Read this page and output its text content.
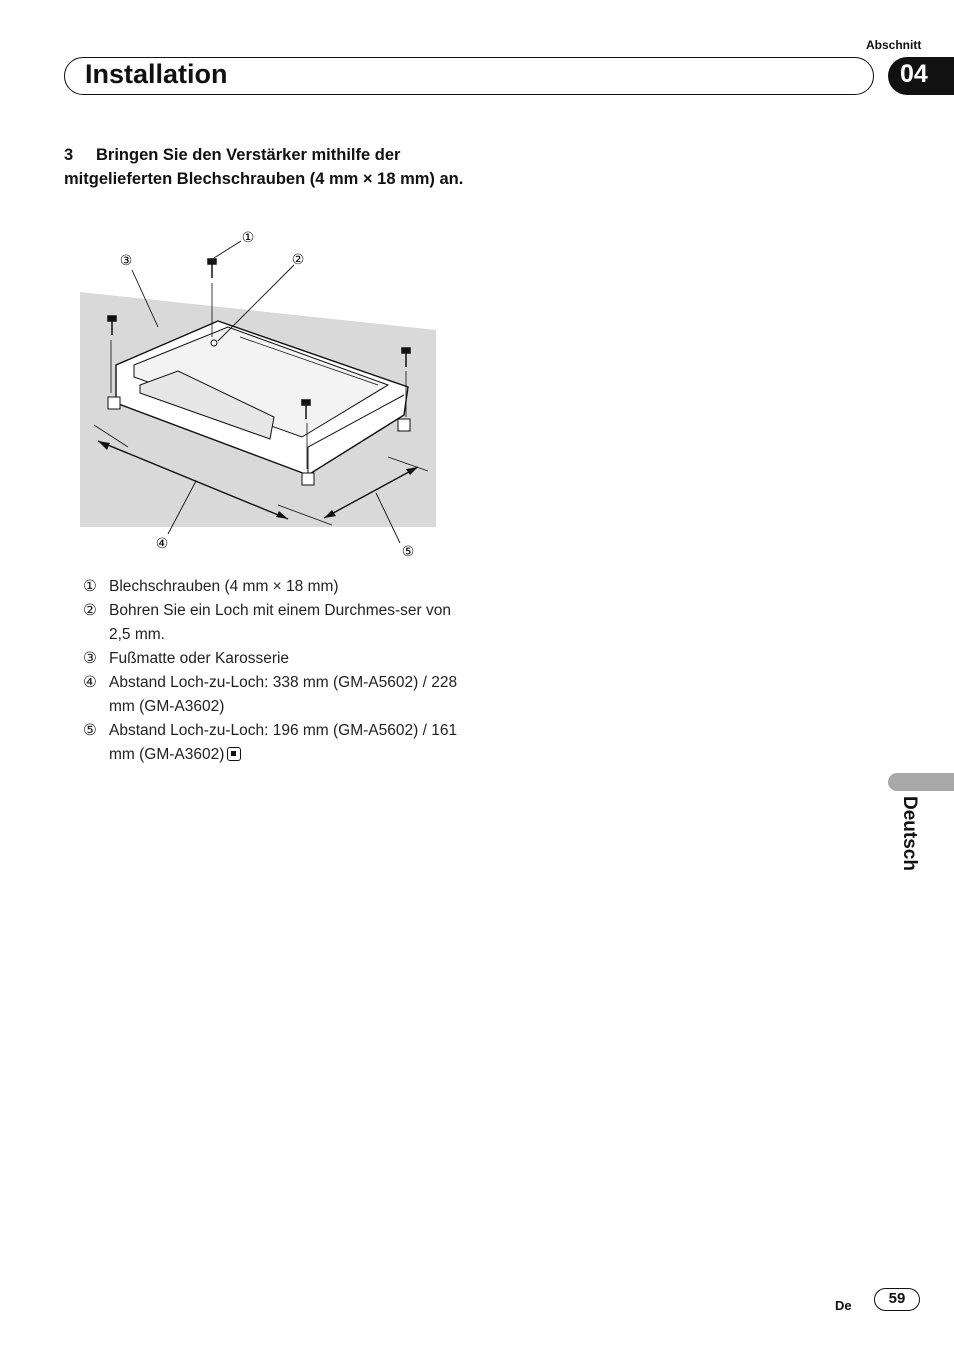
Abschnitt
Installation	04
3 Bringen Sie den Verstärker mithilfe der mitgelieferten Blechschrauben (4 mm × 18 mm) an.
①
②
③
④	⑤
① Blechschrauben (4 mm × 18 mm)
② Bohren Sie ein Loch mit einem Durchmes-ser von 2,5 mm.
③ Fußmatte oder Karosserie
④ Abstand Loch-zu-Loch: 338 mm (GM-A5602) / 228 mm (GM-A3602)
⑤ Abstand Loch-zu-Loch: 196 mm (GM-A5602) / 161 mm (GM-A3602)
Deutsch
De	59
